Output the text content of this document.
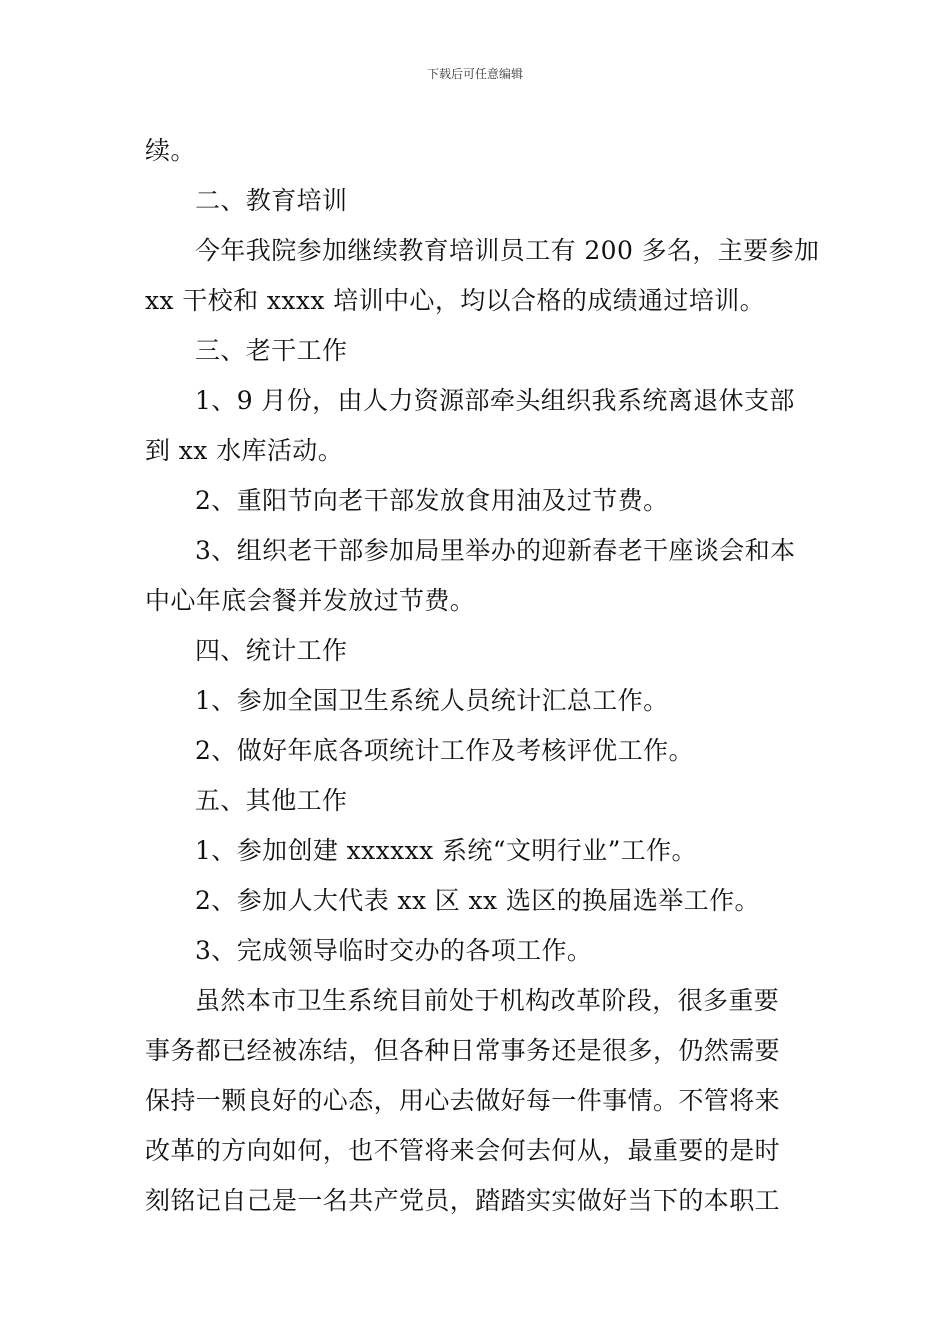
下载后可任意编辑
续。
二、教育培训
今年我院参加继续教育培训员工有 200 多名，主要参加
xx 干校和 xxxx 培训中心，均以合格的成绩通过培训。
三、老干工作
1、9 月份，由人力资源部牵头组织我系统离退休支部
到 xx 水库活动。
2、重阳节向老干部发放食用油及过节费。
3、组织老干部参加局里举办的迎新春老干座谈会和本
中心年底会餐并发放过节费。
四、统计工作
1、参加全国卫生系统人员统计汇总工作。
2、做好年底各项统计工作及考核评优工作。
五、其他工作
1、参加创建 xxxxxx 系统“文明行业”工作。
2、参加人大代表 xx 区 xx 选区的换届选举工作。
3、完成领导临时交办的各项工作。
虽然本市卫生系统目前处于机构改革阶段，很多重要
事务都已经被冻结，但各种日常事务还是很多，仍然需要
保持一颗良好的心态，用心去做好每一件事情。不管将来
改革的方向如何，也不管将来会何去何从，最重要的是时
刻铭记自己是一名共产党员，踏踏实实做好当下的本职工
